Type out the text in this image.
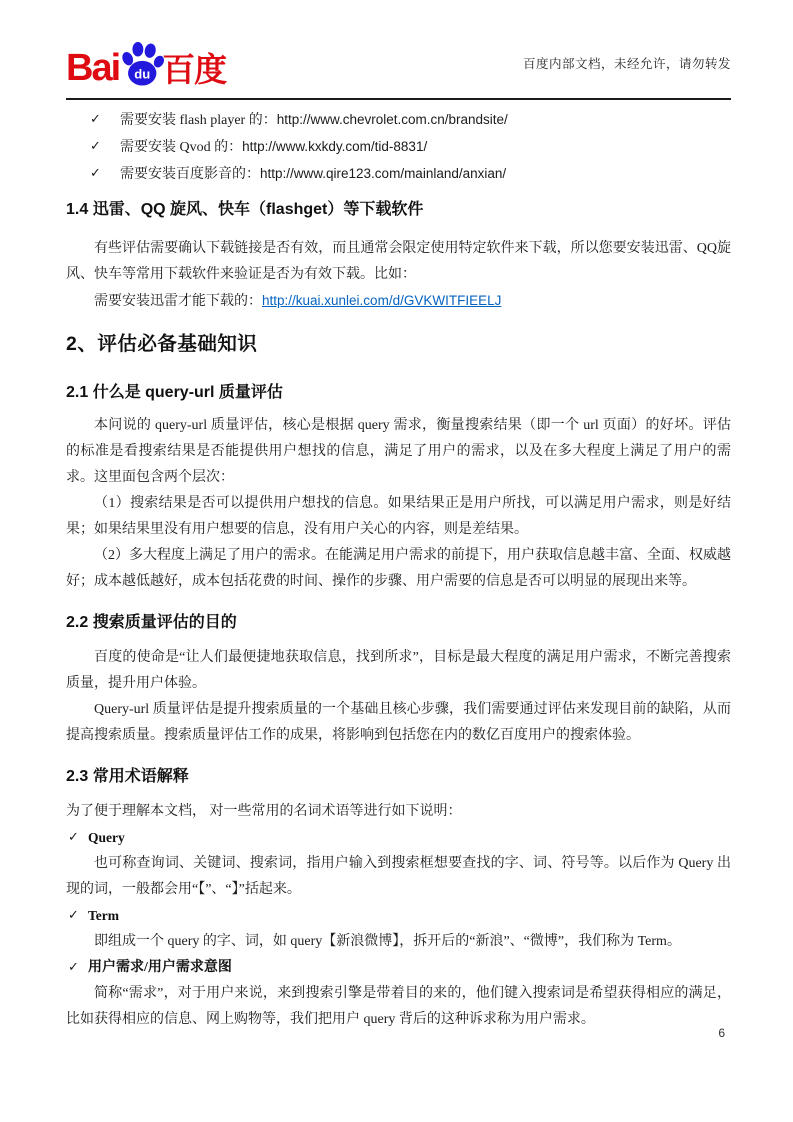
Bai du 百度	百度内部文档，未经允许，请勿转发
✓	需要安装 flash player 的：http://www.chevrolet.com.cn/brandsite/
✓	需要安装 Qvod 的：http://www.kxkdy.com/tid-8831/
✓	需要安装百度影音的：http://www.qire123.com/mainland/anxian/
1.4 迅雷、QQ 旋风、快车（flashget）等下载软件

有些评估需要确认下载链接是否有效，而且通常会限定使用特定软件来下载，所以您要安装迅雷、QQ旋风、快车等常用下载软件来验证是否为有效下载。比如：

需要安装迅雷才能下载的：http://kuai.xunlei.com/d/GVKWITFIEELJ

2、评估必备基础知识
2.1 什么是 query-url 质量评估

本问说的 query-url 质量评估，核心是根据 query 需求，衡量搜索结果（即一个 url 页面）的好坏。评估的标准是看搜索结果是否能提供用户想找的信息，满足了用户的需求，以及在多大程度上满足了用户的需求。这里面包含两个层次：

（1）搜索结果是否可以提供用户想找的信息。如果结果正是用户所找，可以满足用户需求，则是好结果；如果结果里没有用户想要的信息，没有用户关心的内容，则是差结果。

（2）多大程度上满足了用户的需求。在能满足用户需求的前提下，用户获取信息越丰富、全面、权威越好；成本越低越好，成本包括花费的时间、操作的步骤、用户需要的信息是否可以明显的展现出来等。

2.2 搜索质量评估的目的

百度的使命是“让人们最便捷地获取信息，找到所求”，目标是最大程度的满足用户需求，不断完善搜索质量，提升用户体验。

Query-url 质量评估是提升搜索质量的一个基础且核心步骤，我们需要通过评估来发现目前的缺陷，从而提高搜索质量。搜索质量评估工作的成果，将影响到包括您在内的数亿百度用户的搜索体验。

2.3 常用术语解释

为了便于理解本文档， 对一些常用的名词术语等进行如下说明：

✓ Query

也可称查询词、关键词、搜索词，指用户输入到搜索框想要查找的字、词、符号等。以后作为 Query 出现的词，一般都会用“【”、“】”括起来。

✓ Term

即组成一个 query 的字、词，如 query【新浪微博】，拆开后的“新浪”、“微博”，我们称为 Term。

✓ 用户需求/用户需求意图

简称“需求”，对于用户来说，来到搜索引擎是带着目的来的，他们键入搜索词是希望获得相应的满足，比如获得相应的信息、网上购物等，我们把用户 query 背后的这种诉求称为用户需求。

6
